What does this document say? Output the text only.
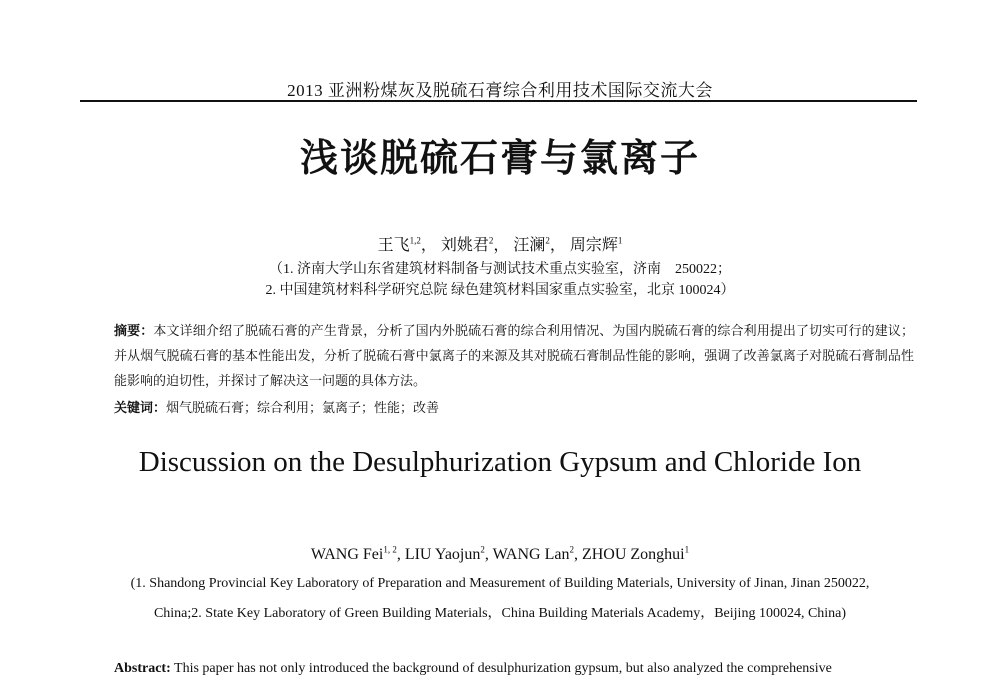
2013 亚洲粉煤灰及脱硫石膏综合利用技术国际交流大会
浅谈脱硫石膏与氯离子
王飞$^{1,2}$， 刘姚君$^2$， 汪澜$^2$， 周宗辉$^1$
（1. 济南大学山东省建筑材料制备与测试技术重点实验室，济南　250022；
2. 中国建筑材料科学研究总院 绿色建筑材料国家重点实验室，北京 100024）
摘要：本文详细介绍了脱硫石膏的产生背景，分析了国内外脱硫石膏的综合利用情况、为国内脱硫石膏的综合利用提出了切实可行的建议；并从烟气脱硫石膏的基本性能出发，分析了脱硫石膏中氯离子的来源及其对脱硫石膏制品性能的影响，强调了改善氯离子对脱硫石膏制品性能影响的迫切性，并探讨了解决这一问题的具体方法。
关键词：烟气脱硫石膏；综合利用；氯离子；性能；改善
Discussion on the Desulphurization Gypsum and Chloride Ion
WANG Fei$^{1, 2}$, LIU Yaojun$^2$, WANG Lan$^2$, ZHOU Zonghui$^1$
(1. Shandong Provincial Key Laboratory of Preparation and Measurement of Building Materials, University of Jinan, Jinan 250022,
China;2. State Key Laboratory of Green Building Materials，China Building Materials Academy，Beijing 100024, China)
Abstract: This paper has not only introduced the background of desulphurization gypsum, but also analyzed the comprehensive
